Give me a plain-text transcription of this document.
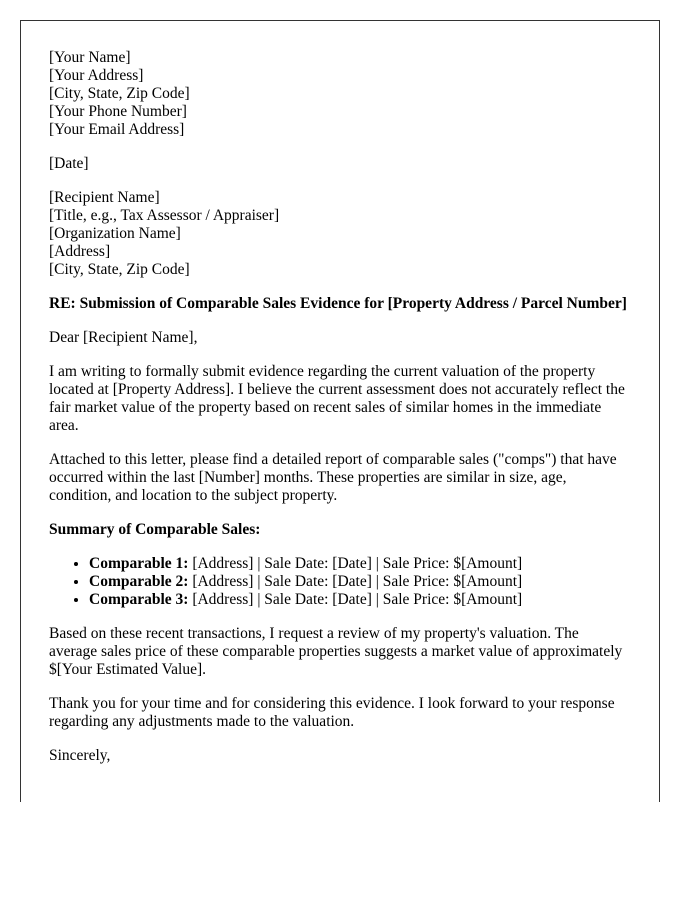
[Your Name]
[Your Address]
[City, State, Zip Code]
[Your Phone Number]
[Your Email Address]
[Date]
[Recipient Name]
[Title, e.g., Tax Assessor / Appraiser]
[Organization Name]
[Address]
[City, State, Zip Code]
RE: Submission of Comparable Sales Evidence for [Property Address / Parcel Number]
Dear [Recipient Name],

I am writing to formally submit evidence regarding the current valuation of the property located at [Property Address]. I believe the current assessment does not accurately reflect the fair market value of the property based on recent sales of similar homes in the immediate area.

Attached to this letter, please find a detailed report of comparable sales ("comps") that have occurred within the last [Number] months. These properties are similar in size, age, condition, and location to the subject property.

Summary of Comparable Sales:
• Comparable 1: [Address] | Sale Date: [Date] | Sale Price: $[Amount]
• Comparable 2: [Address] | Sale Date: [Date] | Sale Price: $[Amount]
• Comparable 3: [Address] | Sale Date: [Date] | Sale Price: $[Amount]

Based on these recent transactions, I request a review of my property's valuation. The average sales price of these comparable properties suggests a market value of approximately $[Your Estimated Value].

Thank you for your time and for considering this evidence. I look forward to your response regarding any adjustments made to the valuation.

Sincerely,
